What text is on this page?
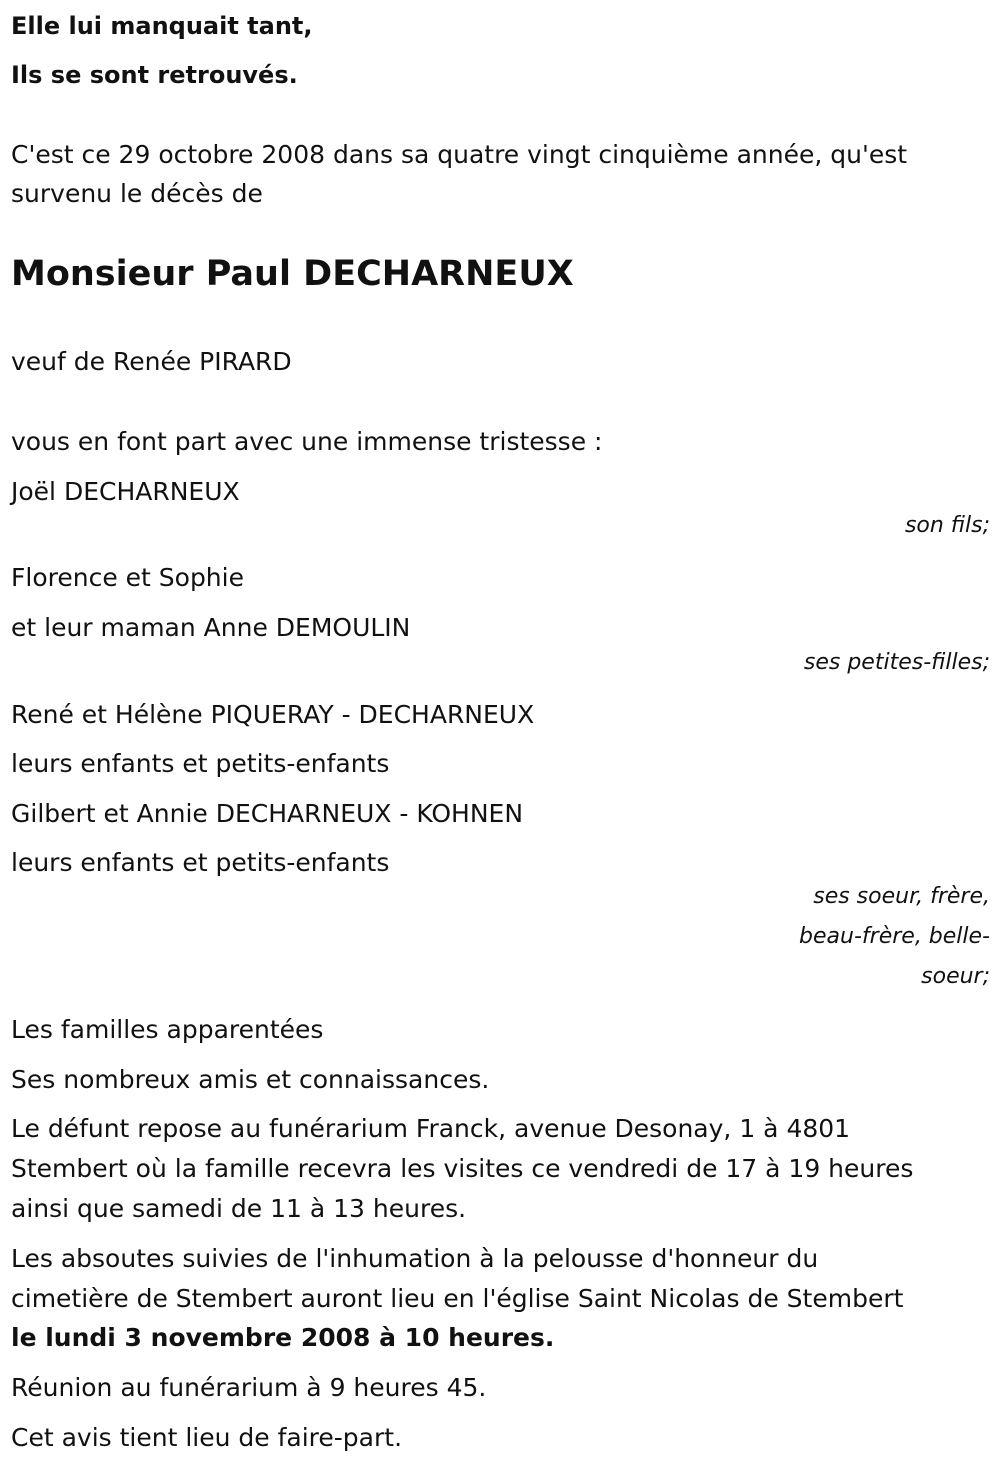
Elle lui manquait tant,
Ils se sont retrouvés.
C'est ce 29 octobre 2008 dans sa quatre vingt cinquième année, qu'est
survenu le décès de
Monsieur Paul DECHARNEUX
veuf de Renée PIRARD
vous en font part avec une immense tristesse :
Joël DECHARNEUX
son fils;
Florence et Sophie
et leur maman Anne DEMOULIN
ses petites-filles;
René et Hélène PIQUERAY - DECHARNEUX
leurs enfants et petits-enfants
Gilbert et Annie DECHARNEUX - KOHNEN
leurs enfants et petits-enfants
ses soeur, frère,
beau-frère, belle-
soeur;
Les familles apparentées
Ses nombreux amis et connaissances.
Le défunt repose au funérarium Franck, avenue Desonay, 1 à 4801
Stembert où la famille recevra les visites ce vendredi de 17 à 19 heures
ainsi que samedi de 11 à 13 heures.
Les absoutes suivies de l'inhumation à la pelousse d'honneur du
cimetière de Stembert auront lieu en l'église Saint Nicolas de Stembert
le lundi 3 novembre 2008 à 10 heures.
Réunion au funérarium à 9 heures 45.
Cet avis tient lieu de faire-part.
